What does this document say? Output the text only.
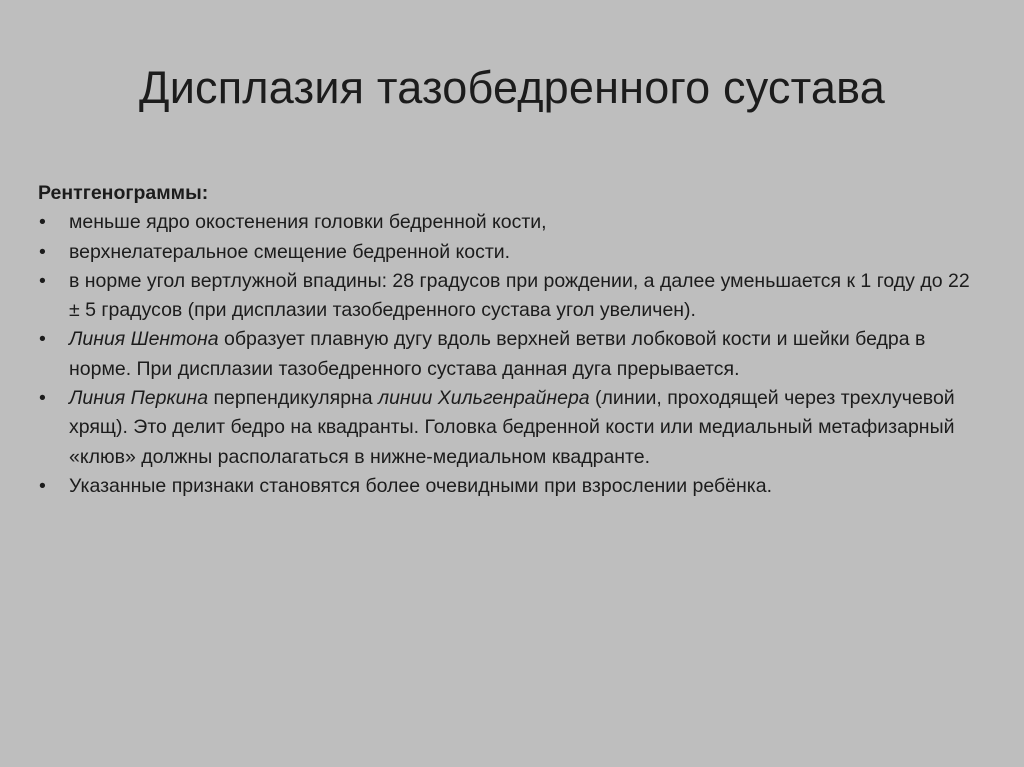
Дисплазия тазобедренного сустава

Рентгенограммы:

• меньше ядро окостенения головки бедренной кости,
• верхнелатеральное смещение бедренной кости.
• в норме угол вертлужной впадины: 28 градусов при рождении, а далее уменьшается к 1 году до 22 ± 5 градусов (при дисплазии тазобедренного сустава угол увеличен).
• Линия Шентона образует плавную дугу вдоль верхней ветви лобковой кости и шейки бедра в норме. При дисплазии тазобедренного сустава данная дуга прерывается.
• Линия Перкина перпендикулярна линии Хильгенрайнера (линии, проходящей через трехлучевой хрящ). Это делит бедро на квадранты. Головка бедренной кости или медиальный метафизарный «клюв» должны располагаться в нижне-медиальном квадранте.
• Указанные признаки становятся более очевидными при взрослении ребёнка.
